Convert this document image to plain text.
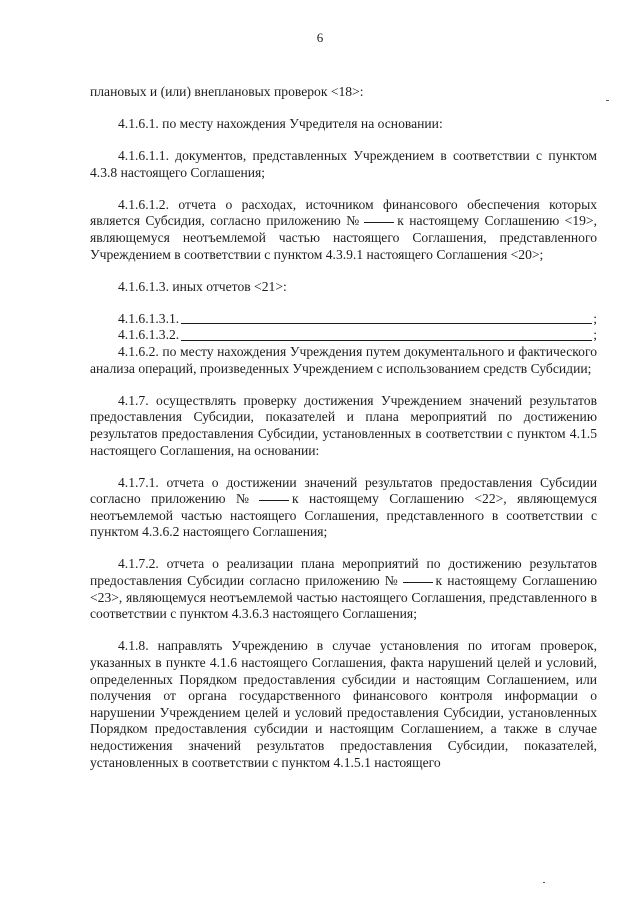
6

плановых и (или) внеплановых проверок <18>:

4.1.6.1. по месту нахождения Учредителя на основании:

4.1.6.1.1. документов, представленных Учреждением в соответствии с пунктом 4.3.8 настоящего Соглашения;

4.1.6.1.2. отчета о расходах, источником финансового обеспечения которых является Субсидия, согласно приложению №	к настоящему Соглашению <19>, являющемуся неотъемлемой частью настоящего Соглашения, представленного Учреждением в соответствии с пунктом 4.3.9.1 настоящего Соглашения <20>;

4.1.6.1.3. иных отчетов <21>:

4.1.6.1.3.1.	;
4.1.6.1.3.2.	;

4.1.6.2. по месту нахождения Учреждения путем документального и фактического анализа операций, произведенных Учреждением с использованием средств Субсидии;

4.1.7. осуществлять проверку достижения Учреждением значений результатов предоставления Субсидии, показателей и плана мероприятий по достижению результатов предоставления Субсидии, установленных в соответствии с пунктом 4.1.5 настоящего Соглашения, на основании:

4.1.7.1. отчета о достижении значений результатов предоставления Субсидии согласно приложению №	к настоящему Соглашению <22>, являющемуся неотъемлемой частью настоящего Соглашения, представленного в соответствии с пунктом 4.3.6.2 настоящего Соглашения;

4.1.7.2. отчета о реализации плана мероприятий по достижению результатов предоставления Субсидии согласно приложению №	к настоящему Соглашению <23>, являющемуся неотъемлемой частью настоящего Соглашения, представленного в соответствии с пунктом 4.3.6.3 настоящего Соглашения;

4.1.8. направлять Учреждению в случае установления по итогам проверок, указанных в пункте 4.1.6 настоящего Соглашения, факта нарушений целей и условий, определенных Порядком предоставления субсидии и настоящим Соглашением, или получения от органа государственного финансового контроля информации о нарушении Учреждением целей и условий предоставления Субсидии, установленных Порядком предоставления субсидии и настоящим Соглашением, а также в случае недостижения значений результатов предоставления Субсидии, показателей, установленных в соответствии с пунктом 4.1.5.1 настоящего
